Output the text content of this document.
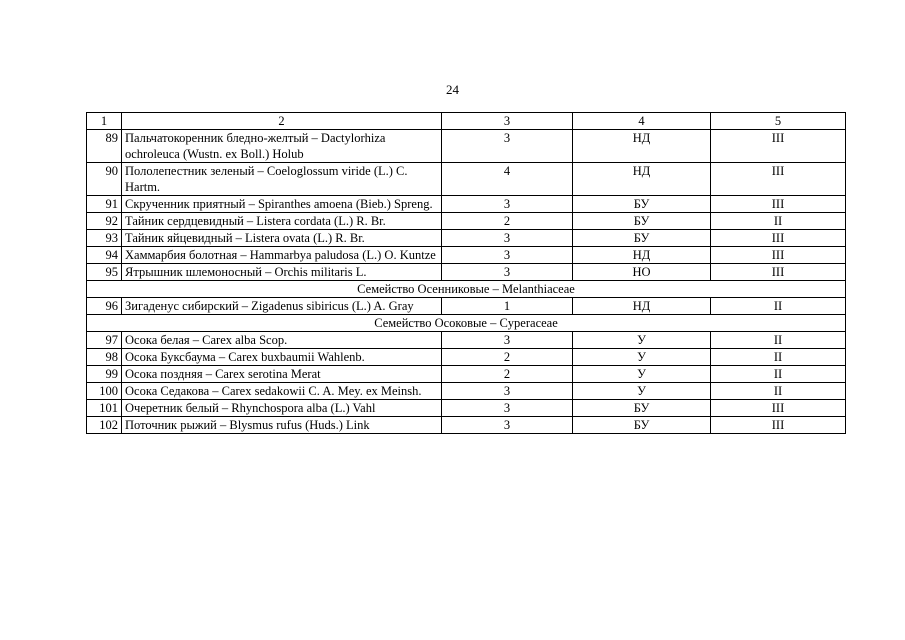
24
1	2	3	4	5
89	Пальчатокоренник бледно-желтый – Dactylorhiza ochroleuca (Wustn. ex Boll.) Holub	3	НД	III
90	Пололепестник зеленый – Coeloglossum viride (L.) C. Hartm.	4	НД	III
91	Скрученник приятный – Spiranthes amoena (Bieb.) Spreng.	3	БУ	III
92	Тайник сердцевидный – Listera cordata (L.) R. Br.	2	БУ	II
93	Тайник яйцевидный – Listera ovata (L.) R. Br.	3	БУ	III
94	Хаммарбия болотная – Hammarbya paludosa (L.) O. Kuntze	3	НД	III
95	Ятрышник шлемоносный – Orchis militaris L.	3	НО	III
Семейство Осенниковые – Melanthiaceae				
96	Зигаденус сибирский – Zigadenus sibiricus (L.) A. Gray	1	НД	II
Семейство Осоковые – Cyperaceae				
97	Осока белая – Carex alba Scop.	3	У	II
98	Осока Буксбаума – Carex buxbaumii Wahlenb.	2	У	II
99	Осока поздняя – Carex serotina Merat	2	У	II
100	Осока Седакова – Carex sedakowii C. A. Mey. ex Meinsh.	3	У	II
101	Очеретник белый – Rhynchospora alba (L.) Vahl	3	БУ	III
102	Поточник рыжий – Blysmus rufus (Huds.) Link	3	БУ	III
